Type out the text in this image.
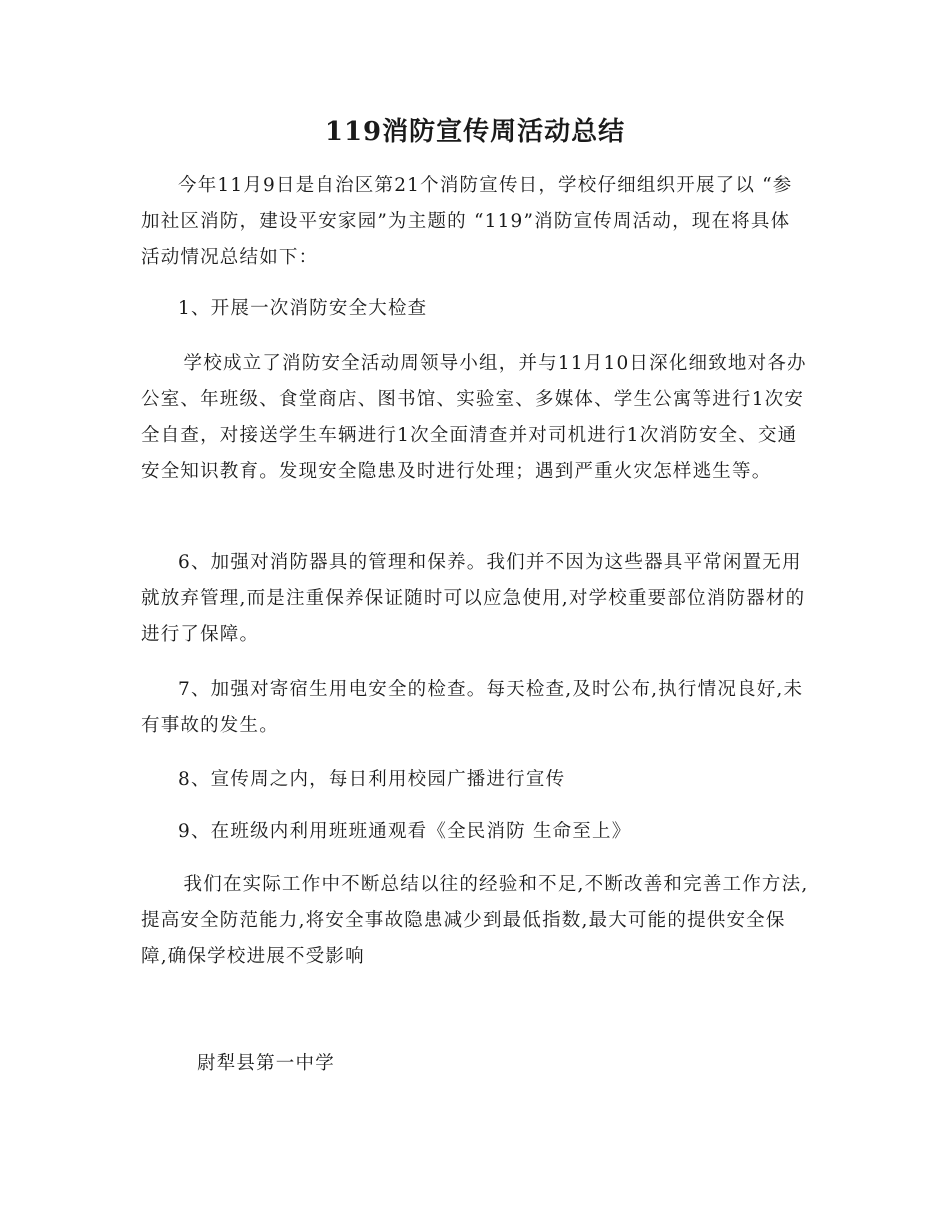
119消防宣传周活动总结

今年11月9日是自治区第21个消防宣传日，学校仔细组织开展了以 “参加社区消防，建设平安家园”为主题的 “119”消防宣传周活动，现在将具体活动情况总结如下：

1、开展一次消防安全大检查

学校成立了消防安全活动周领导小组，并与11月10日深化细致地对各办公室、年班级、食堂商店、图书馆、实验室、多媒体、学生公寓等进行1次安全自查，对接送学生车辆进行1次全面清查并对司机进行1次消防安全、交通安全知识教育。发现安全隐患及时进行处理；遇到严重火灾怎样逃生等。

6、加强对消防器具的管理和保养。我们并不因为这些器具平常闲置无用就放弃管理,而是注重保养保证随时可以应急使用,对学校重要部位消防器材的进行了保障。

7、加强对寄宿生用电安全的检查。每天检查,及时公布,执行情况良好,未有事故的发生。

8、宣传周之内，每日利用校园广播进行宣传

9、在班级内利用班班通观看《全民消防 生命至上》

我们在实际工作中不断总结以往的经验和不足,不断改善和完善工作方法,提高安全防范能力,将安全事故隐患减少到最低指数,最大可能的提供安全保障,确保学校进展不受影响

尉犁县第一中学
